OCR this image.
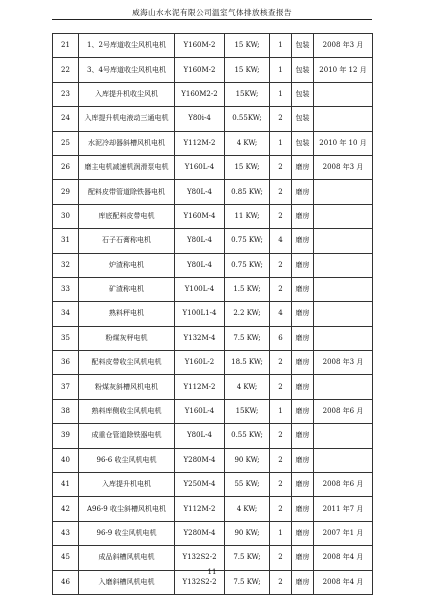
威海山水水泥有限公司温室气体排放核查报告
21	1、2号库道收尘风机电机	Y160M-2	15 KW;	1	包装	2008 年3 月
22	3、4号库道收尘风机电机	Y160M-2	15 KW;	1	包装	2010 年 12 月
23	入库提升机收尘风机	Y160M2-2	15KW;	1	包装	
24	入库提升机电液动三通电机	Y80i-4	0.55KW;	2	包装	
25	水泥冷却器斜槽风机电机	Y112M-2	4 KW;	1	包装	2010 年 10 月
26	磨主电机减速机润滑泵电机	Y160L-4	15 KW;	2	磨房	2008 年3 月
29	配料皮带管道除铁器电机	Y80L-4	0.85 KW;	2	磨房	
30	库底配料皮带电机	Y160M-4	11 KW;	2	磨房	
31	石子石膏称电机	Y80L-4	0.75 KW;	4	磨房	
32	炉渣称电机	Y80L-4	0.75 KW;	2	磨房	
33	矿渣称电机	Y100L-4	1.5 KW;	2	磨房	
34	熟料秤电机	Y100L1-4	2.2 KW;	4	磨房	
35	粉煤灰秤电机	Y132M-4	7.5 KW;	6	磨房	
36	配料皮带收尘风机电机	Y160L-2	18.5 KW;	2	磨房	2008 年3 月
37	粉煤灰斜槽风机电机	Y112M-2	4 KW;	2	磨房	
38	熟料库侧收尘风机电机	Y160L-4	15KW;	1	磨房	2008 年6 月
39	成重仓管道除铁器电机	Y80L-4	0.55 KW;	2	磨房	
40	96-6 收尘风机电机	Y280M-4	90 KW;	2	磨房	
41	入库提升机电机	Y250M-4	55 KW;	2	磨房	2008 年6 月
42	A96-9 收尘斜槽风机电机	Y112M-2	4 KW;	2	磨房	2011 年7 月
43	96-9 收尘风机电机	Y280M-4	90 KW;	1	磨房	2007 年1 月
45	成品斜槽风机电机	Y132S2-2	7.5 KW;	2	磨房	2008 年4 月
46	入磨斜槽风机电机	Y132S2-2	7.5 KW;	2	磨房	2008 年4 月
11
